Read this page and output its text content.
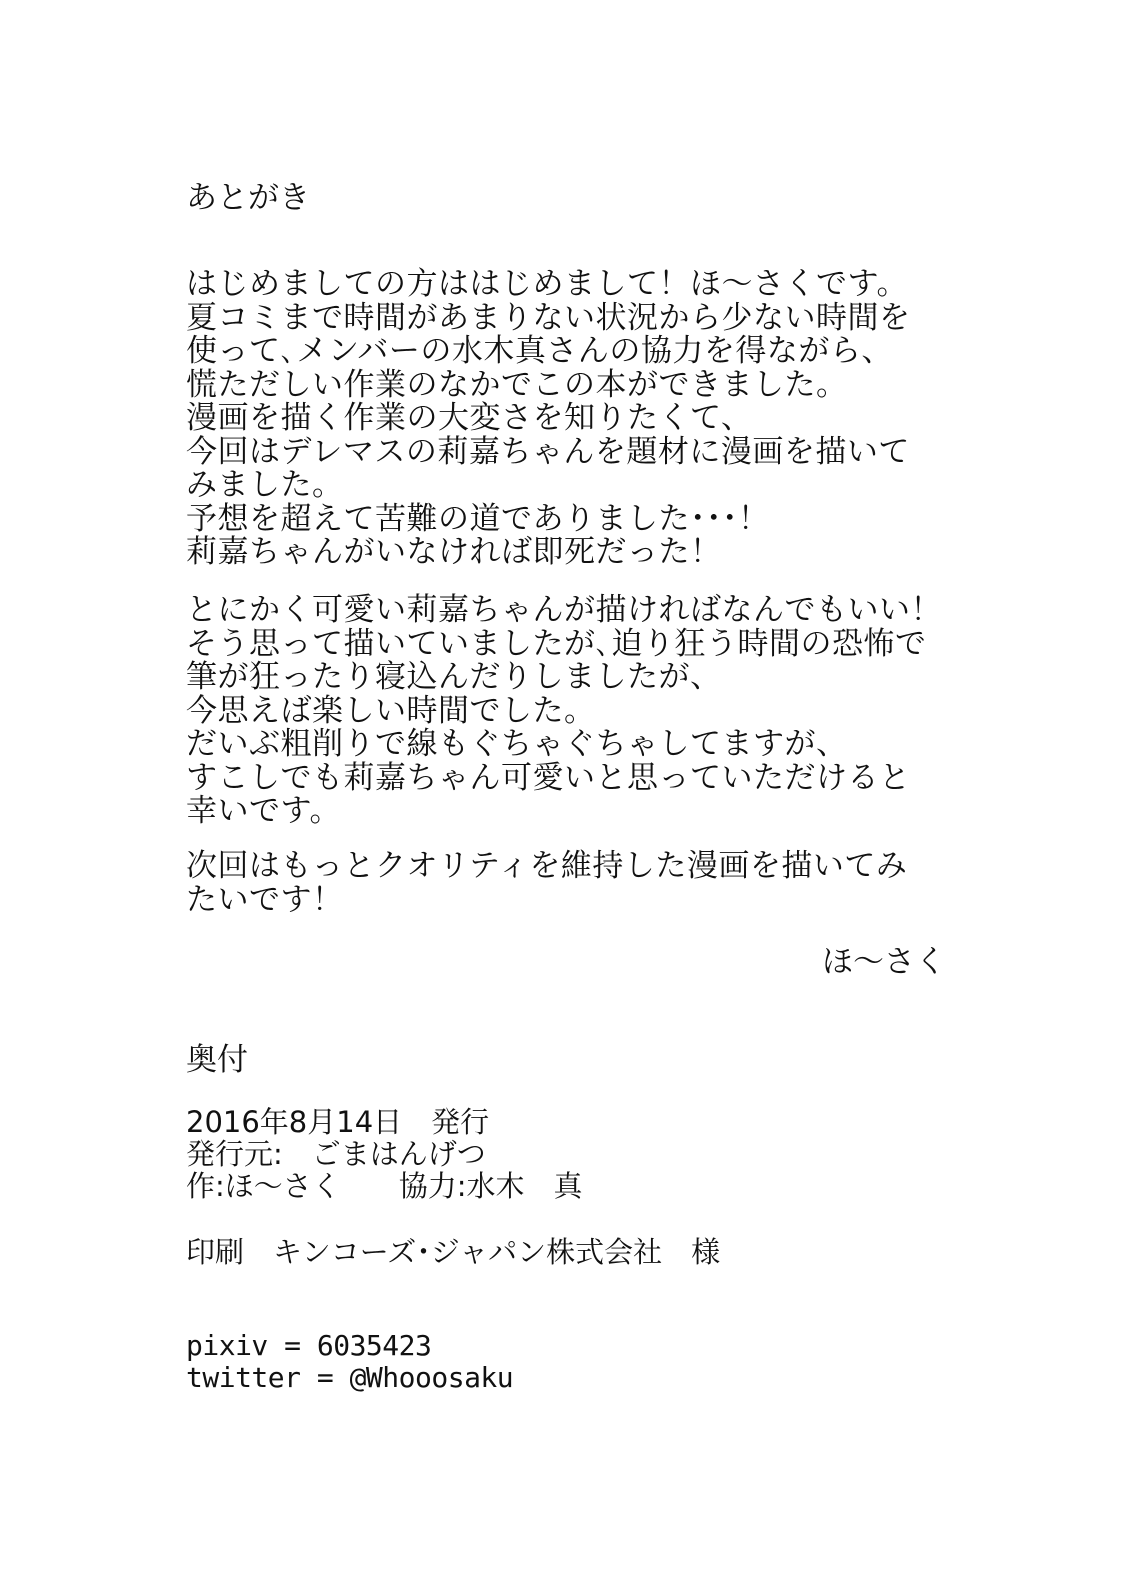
あとがき
はじめましての方ははじめまして！ほ～さくです。
夏コミまで時間があまりない状況から少ない時間を
使って､メンバーの水木真さんの協力を得ながら、
慌ただしい作業のなかでこの本ができました。
漫画を描く作業の大変さを知りたくて、
今回はデレマスの莉嘉ちゃんを題材に漫画を描いて
みました。
予想を超えて苦難の道でありました･･･！
莉嘉ちゃんがいなければ即死だった！
とにかく可愛い莉嘉ちゃんが描ければなんでもいい！
そう思って描いていましたが､迫り狂う時間の恐怖で
筆が狂ったり寝込んだりしましたが、
今思えば楽しい時間でした。
だいぶ粗削りで線もぐちゃぐちゃしてますが、
すこしでも莉嘉ちゃん可愛いと思っていただけると
幸いです。
次回はもっとクオリティを維持した漫画を描いてみ
たいです！
ほ～さく
奥付
2016年8月14日　発行
発行元:　ごまはんげつ
作:ほ～さく　　協力:水木　真
印刷　キンコーズ･ジャパン株式会社　様
pixiv = 6035423
twitter = @Whooosaku
